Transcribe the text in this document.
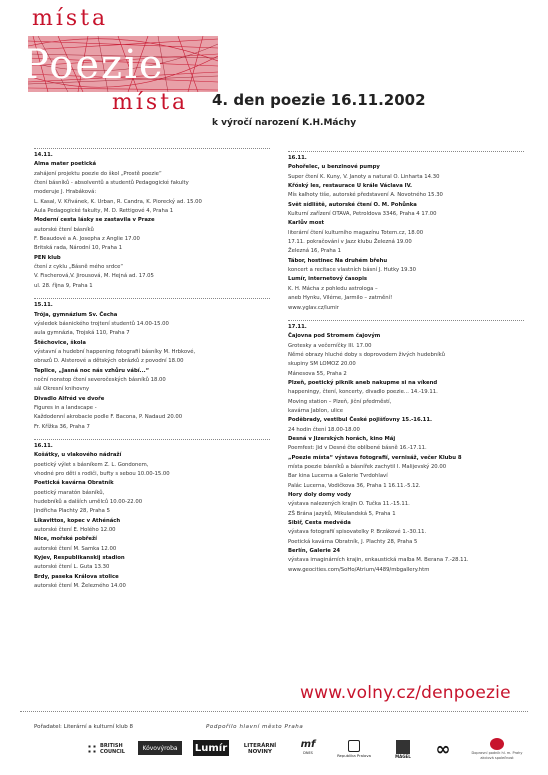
místa
Poezie
místa 4. den poezie 16.11.2002
k výročí narození K.H.Máchy
14.11.
Alma mater poetická
zahájení projektu poezie do škol „Prostě poezie“
čtení básníků - absolventů a studentů Pedagogické fakulty
moderuje J. Hrabáková:
L. Kasal, V. Křivánek, K. Urban, R. Candra, K. Piorecký ad. 15.00
Aula Pedagogické fakulty, M. D. Rettigové 4, Praha 1
Moderní cesta lásky se zastavila v Praze
autorské čtení básníků
F. Beaudové a A. Josepha z Anglie 17.00
Britská rada, Národní 10, Praha 1
PEN klub
čtení z cyklu „Básně mého srdce“
V. Fischerová,V. Jirousová, M. Hejná ad. 17.05
ul. 28. října 9, Praha 1
15.11.
Trója, gymnázium Sv. Čecha
výsledek básnického trojtení studentů 14.00-15.00
aula gymnázia, Trojská 110, Praha 7
Štěchovice, škola
výstavní a hudební happening fotografií básníky M. Hrbkové,
obrazů D. Alsterové a dětských obrázků z povodní 18.00
Teplice, „Jasná noc nás vzhůru vábí...“
noční nonstop čtení severočeských básníků 18.00
sál Okresní knihovny
Divadlo Alfréd ve dvoře
Figures in a landscape -
Každodenní akrobacie podle F. Bacona, P. Nadaud 20.00
Fr. Křížka 36, Praha 7
16.11.
Košátky, u vlakového nádraží
poetický výlet s básníkem Z. L. Gondonem,
vhodné pro děti s rodiči, bufty s sebou 10.00-15.00
Poetická kavárna Obratník
poetický maratón básníků,
hudebníků a dalších umělců 10.00-22.00
Jindřicha Plachty 28, Praha 5
Líkavittos, kopec v Athénách
autorské čtení E. Holého 12.00
Nice, mořské pobřeží
autorské čtení M. Samka 12.00
Kyjev, Respublikanskij stadion
autorské čtení L. Guta 13.30
Brdy, paseka Králova stolice
autorské čtení M. Železného 14.00
16.11.
Pohořelec, u benzinové pumpy
Super čtení K. Kuny, V. Janoty a natural O. Linharta 14.30
Křóský les, restaurace U krále Václava IV.
Mís kalhoty tiše, autorské představení A. Novotného 15.30
Svět sídliště, autorské čtení O. M. Pohůnka
Kulturní zařízení OTAVA, Petroldova 3346, Praha 4 17.00
Karlův most
literární čtení kulturního magazínu Totem.cz, 18.00
17.11. pokračování v Jazz klubu Železná 19.00
Železná 16, Praha 1
Tábor, hostinec Na druhém břehu
koncert a recitace vlastních básní J. Hutky 19.30
Lumír, internetový časopis
K. H. Mácha z pohledu astrologa –
aneb Hynku, Viléme, Jarmilo – zatmění!
www.yglav.cz/lumir
17.11.
Čajovna pod Stromem čajovým
Grotesky a večerníčky III. 17.00
Němé obrazy hluché doby s doprovodem živých hudebníků
skupiny SM LOMOZ 20.00
Mánesova 55, Praha 2
Plzeň, poetický piknik aneb nakupme si na víkend
happeningy, čtení, koncerty, divadlo poezie... 14.-19.11.
Moving station – Plzeň, jiční předměstí,
kavárna Jablon, ulice
Poděbrady, vestibul České pojišťovny 15.-16.11.
24 hodin čtení 18.00-18.00
Desná v Jizerských horách, kino Máj
Poemfest: Jid v Desné čte oblíbené básně 16.-17.11.
„Poezie místa“ výstava fotografií, vernisáž, večer Klubu 8
místa poezie básníků a básnířek zachytil I. Malijevský 20.00
Bar kina Lucerna a Galerie Tvrdohlaví
Palác Lucerna, Vodičkova 36, Praha 1 16.11.-5.12.
Hory doly domy vody
výstava nalezených krajin O. Tučka 11.-15.11.
ZŠ Brána jazyků, Mikulandská 5, Praha 1
Sibiř, Cesta medvěda
výstava fotografií spisovatelky P. Brzákové 1.-30.11.
Poetická kavárna Obratník, J. Plachty 28, Praha 5
Berlín, Galerie 24
výstava imaginárních krajin, enkaustická malba M. Berana 7.-28.11.
www.geocities.com/SoHo/Atrium/4489/mbgallery.htm
www.volny.cz/denpoezie
Pořadatel: Literární a kulturní klub 8	Podpořilo hlavní město Praha
BRITISH
COUNCIL
Kóvovýroba	Lumír	LITERÁRNÍ
NOVINY
mf
DNES	Republika Pralova	MAGEL	∞	Dopravní podnik hl. m. Prahy akciová společnost
